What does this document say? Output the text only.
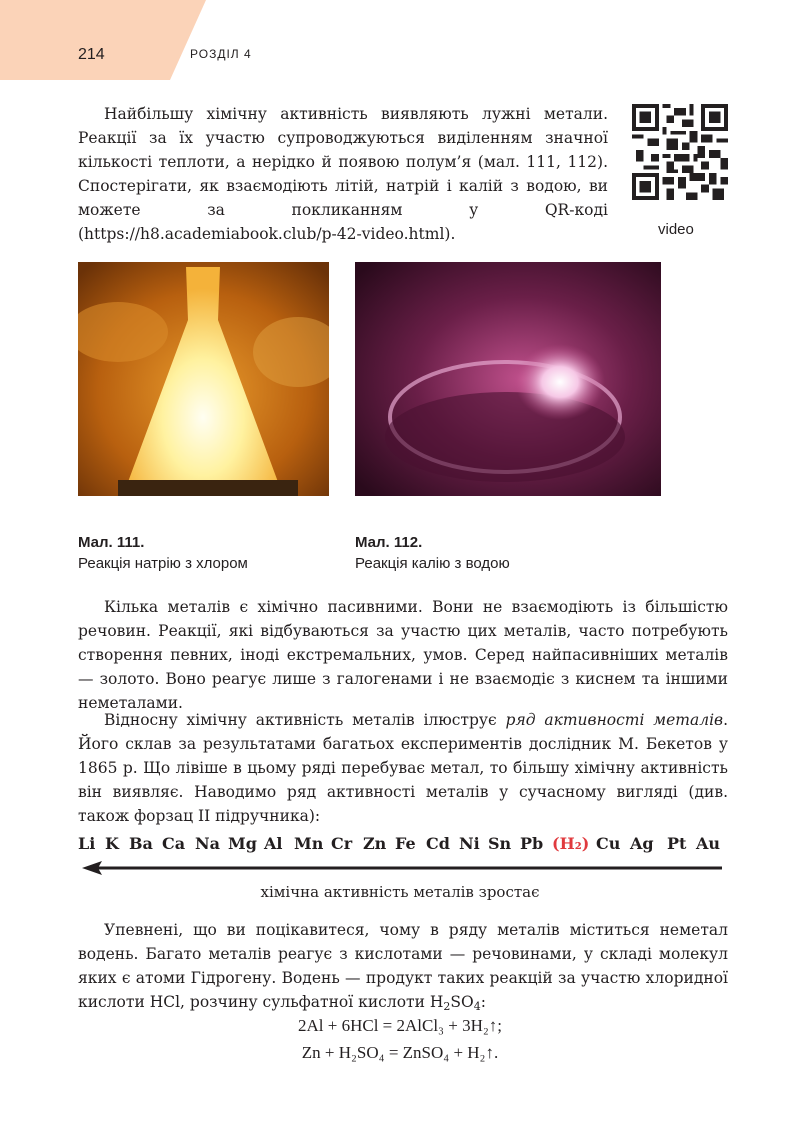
214	РОЗДІЛ 4

Найбільшу хімічну активність виявляють лужні метали. Реакції за їх участю супроводжуються виділенням значної кількості теплоти, а нерідко й появою полум’я (мал. 111, 112). Спостерігати, як взаємодіють літій, натрій і калій з водою, ви можете за покликанням у QR-коді (https://h8.academiabook.club/p-42-video.html).	video
Мал. 111.
Реакція натрію з хлором
Мал. 112.
Реакція калію з водою

Кілька металів є хімічно пасивними. Вони не взаємодіють із більшістю речовин. Реакції, які відбуваються за участю цих металів, часто потребують створення певних, іноді екстремальних, умов. Серед найпасивніших металів — золото. Воно реагує лише з галогенами і не взаємодіє з киснем та іншими неметалами.

Відносну хімічну активність металів ілюструє ряд активності металів. Його склав за результатами багатьох експериментів дослідник М. Бекетов у 1865 р. Що лівіше в цьому ряді перебуває метал, то більшу хімічну активність він виявляє. Наводимо ряд активності металів у сучасному вигляді (див. також форзац ІІ підручника):

Li K Ba Ca Na Mg Al Mn Cr Zn Fe Cd Ni Sn Pb (H₂) Cu Ag Pt Au
хімічна активність металів зростає

Упевнені, що ви поцікавитеся, чому в ряду металів міститься неметал водень. Багато металів реагує з кислотами — речовинами, у складі молекул яких є атоми Гідрогену. Водень — продукт таких реакцій за участю хлоридної кислоти HCl, розчину сульфатної кислоти $H_2SO_4$:

2Al + 6HCl = 2AlCl₃ + 3H₂↑;
Zn + H₂SO₄ = ZnSO₄ + H₂↑.
